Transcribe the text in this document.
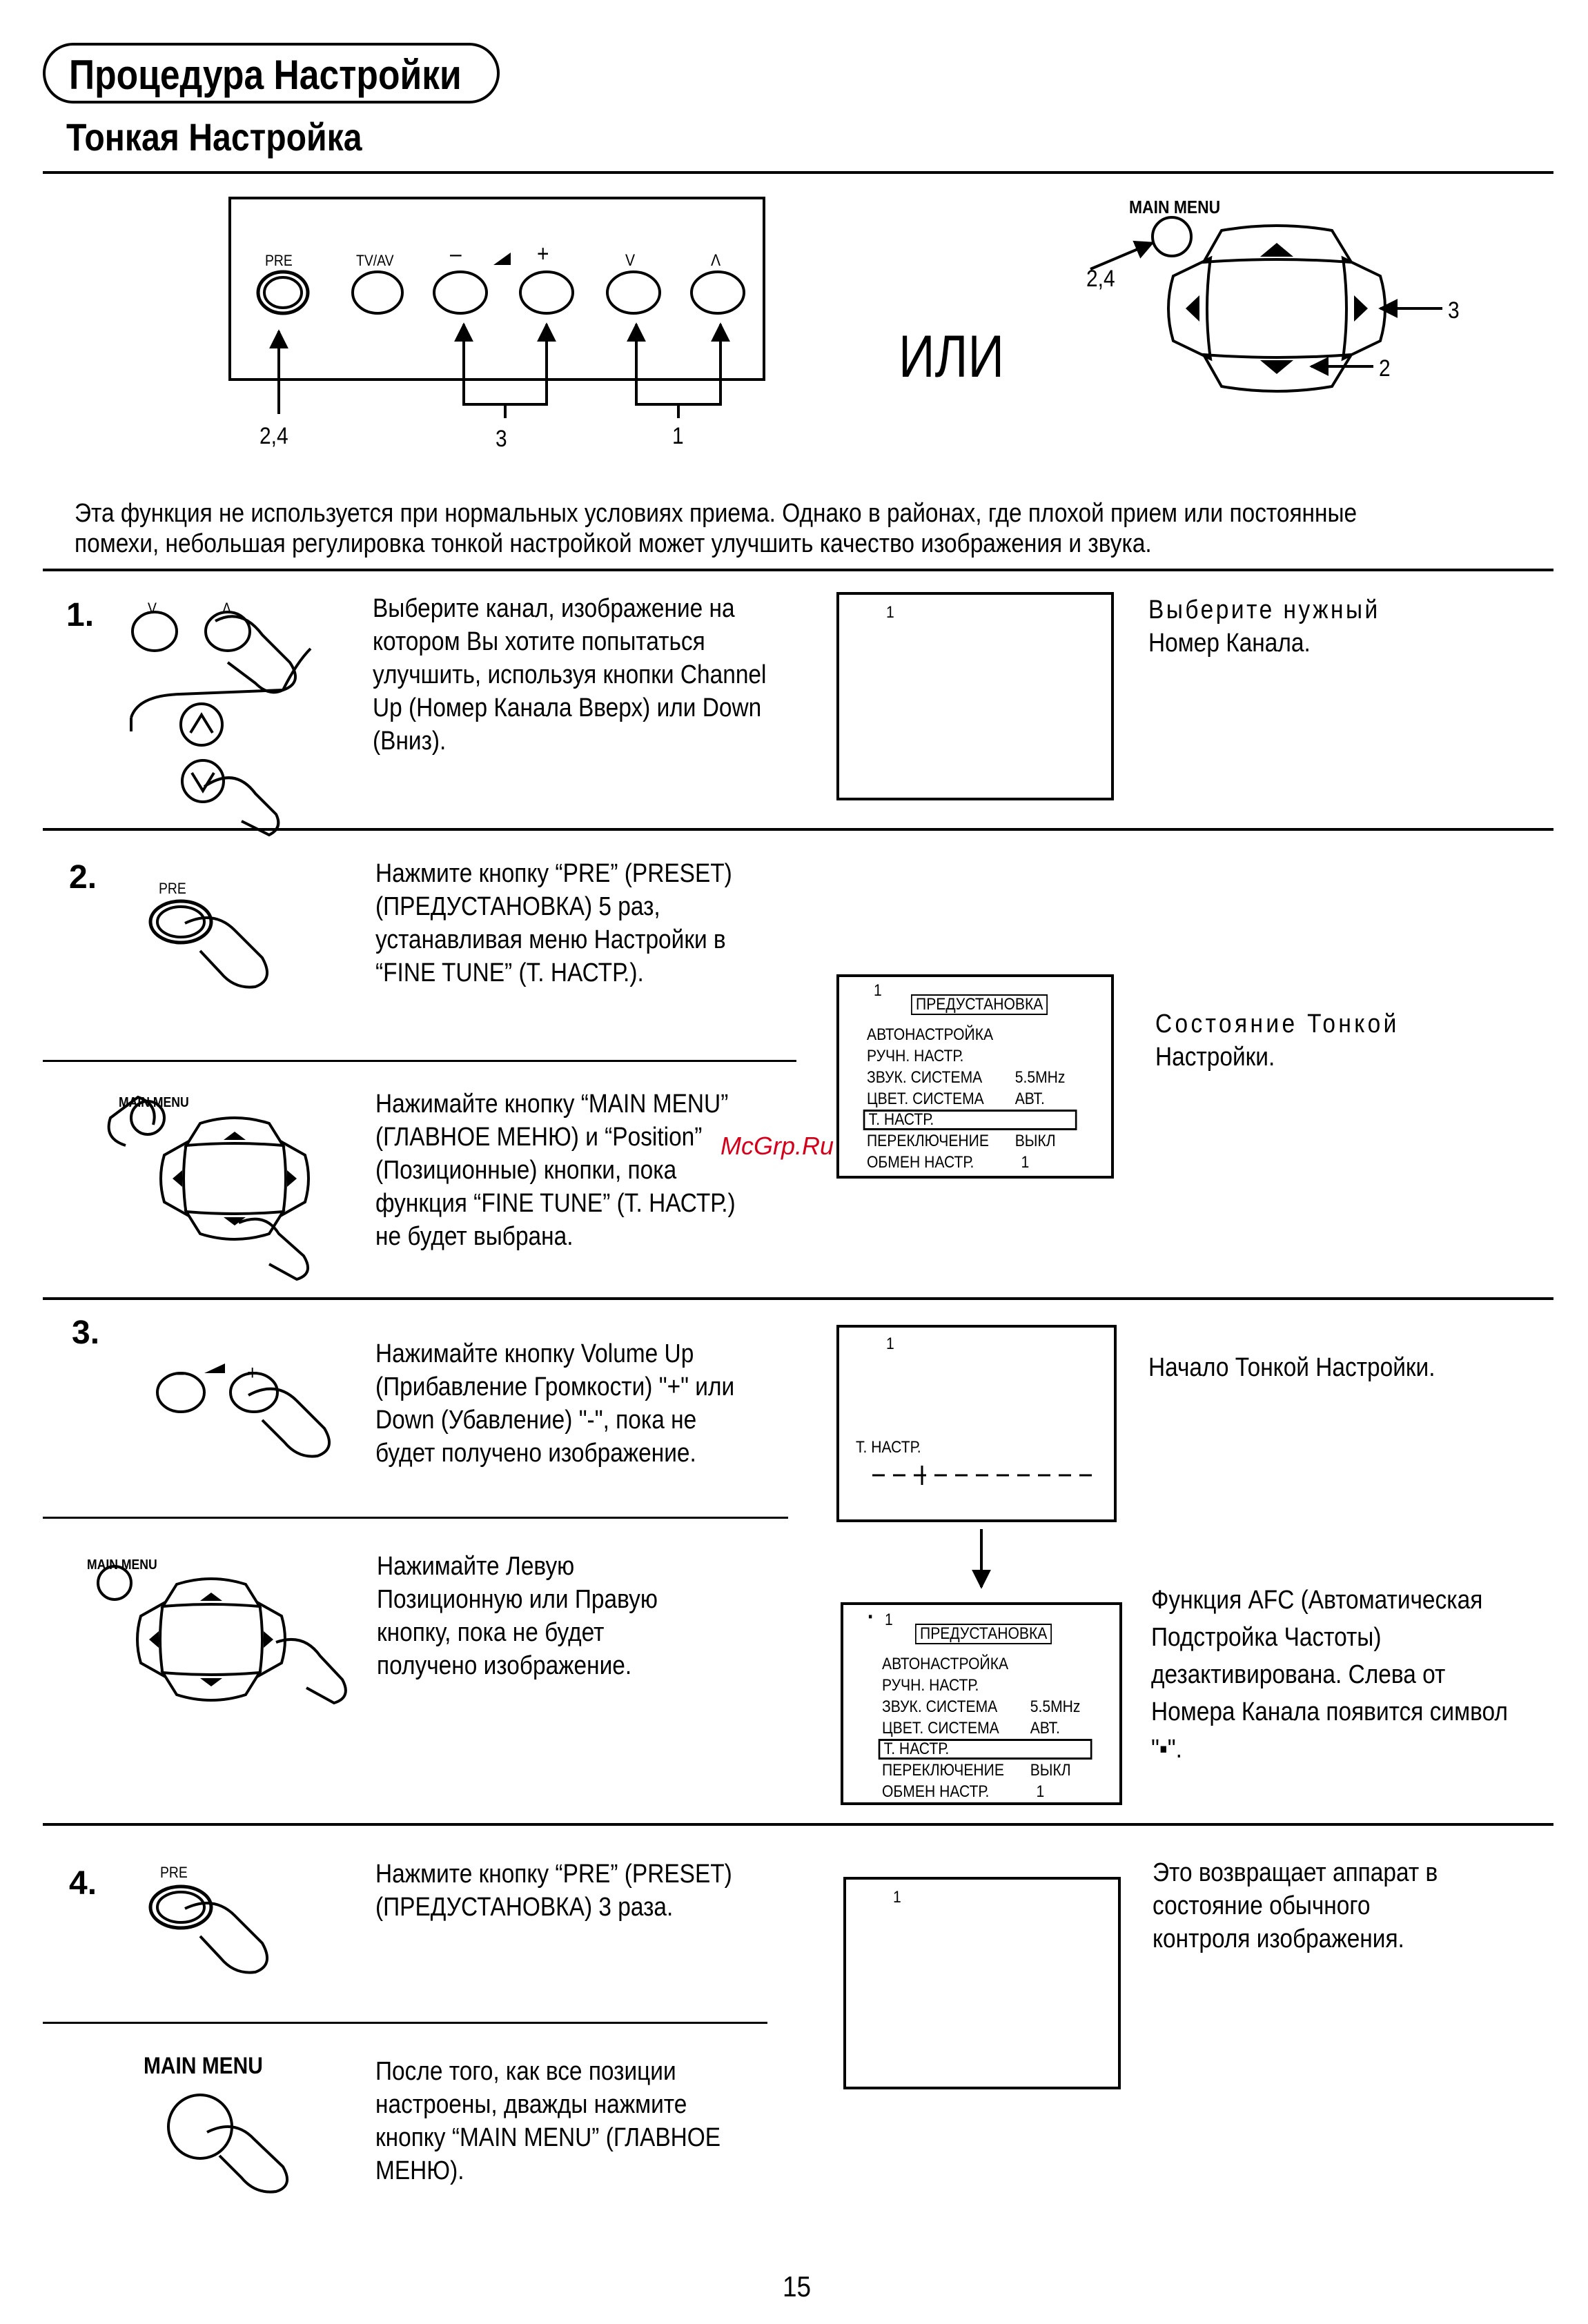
Процедура Настройки
Тонкая Настройка
PRE	TV/AV –	+	V	Λ
2,4	3	1
ИЛИ
MAIN MENU
2,4
3
2
Эта функция не используется при нормальных условиях приема. Однако в районах, где плохой прием или постоянные
помехи, небольшая регулировка тонкой настройкой может улучшить качество изображения и звука.
1.	V	Λ	Выберите канал, изображение на
котором Вы хотите попытаться
улучшить, используя кнопки Channel
Up (Номер Канала Вверх) или Down
(Вниз).
1	Выберите нужный
Номер Канала.
2.	PRE
Нажмите кнопку “PRE” (PRESET)
(ПРЕДУСТАНОВКА) 5 раз,
устанавливая меню Настройки в
“FINE TUNE” (Т. НАСТР.).
MAIN MENU	Нажимайте кнопку “MAIN MENU”
(ГЛАВНОЕ МЕНЮ) и “Position”
(Позиционные) кнопки, пока
функция “FINE TUNE” (Т. НАСТР.)
не будет выбрана.
1
ПРЕДУСТАНОВКА
АВТОНАСТРОЙКА
РУЧН. НАСТР.
ЗВУК. СИСТЕМА 5.5MHz
ЦВЕТ. СИСТЕМА АВТ.
Т. НАСТР.
ПЕРЕКЛЮЧЕНИЕ ВЫКЛ
ОБМЕН НАСТР.	1
Состояние Тонкой
Настройки.
McGrp.Ru
3.
–	+
Нажимайте кнопку Volume Up
(Прибавление Громкости) "+" или
Down (Убавление) "-", пока не
будет получено изображение.
MAIN MENU	Нажимайте Левую
Позиционную или Правую
кнопку, пока не будет
получено изображение.
1
Т. НАСТР.
Начало Тонкой Настройки.
▪ 1
ПРЕДУСТАНОВКА
АВТОНАСТРОЙКА
РУЧН. НАСТР.
ЗВУК. СИСТЕМА 5.5MHz
ЦВЕТ. СИСТЕМА АВТ.
Т. НАСТР.
ПЕРЕКЛЮЧЕНИЕ ВЫКЛ
ОБМЕН НАСТР.	1
Функция AFC (Автоматическая
Подстройка Частоты)
дезактивирована. Слева от
Номера Канала появится символ
"▪".
4.	PRE	Нажмите кнопку “PRE” (PRESET)
(ПРЕДУСТАНОВКА) 3 раза.
MAIN MENU	После того, как все позиции
настроены, дважды нажмите
кнопку “MAIN MENU” (ГЛАВНОЕ
МЕНЮ).
1
Это возвращает аппарат в
состояние обычного
контроля изображения.
15
